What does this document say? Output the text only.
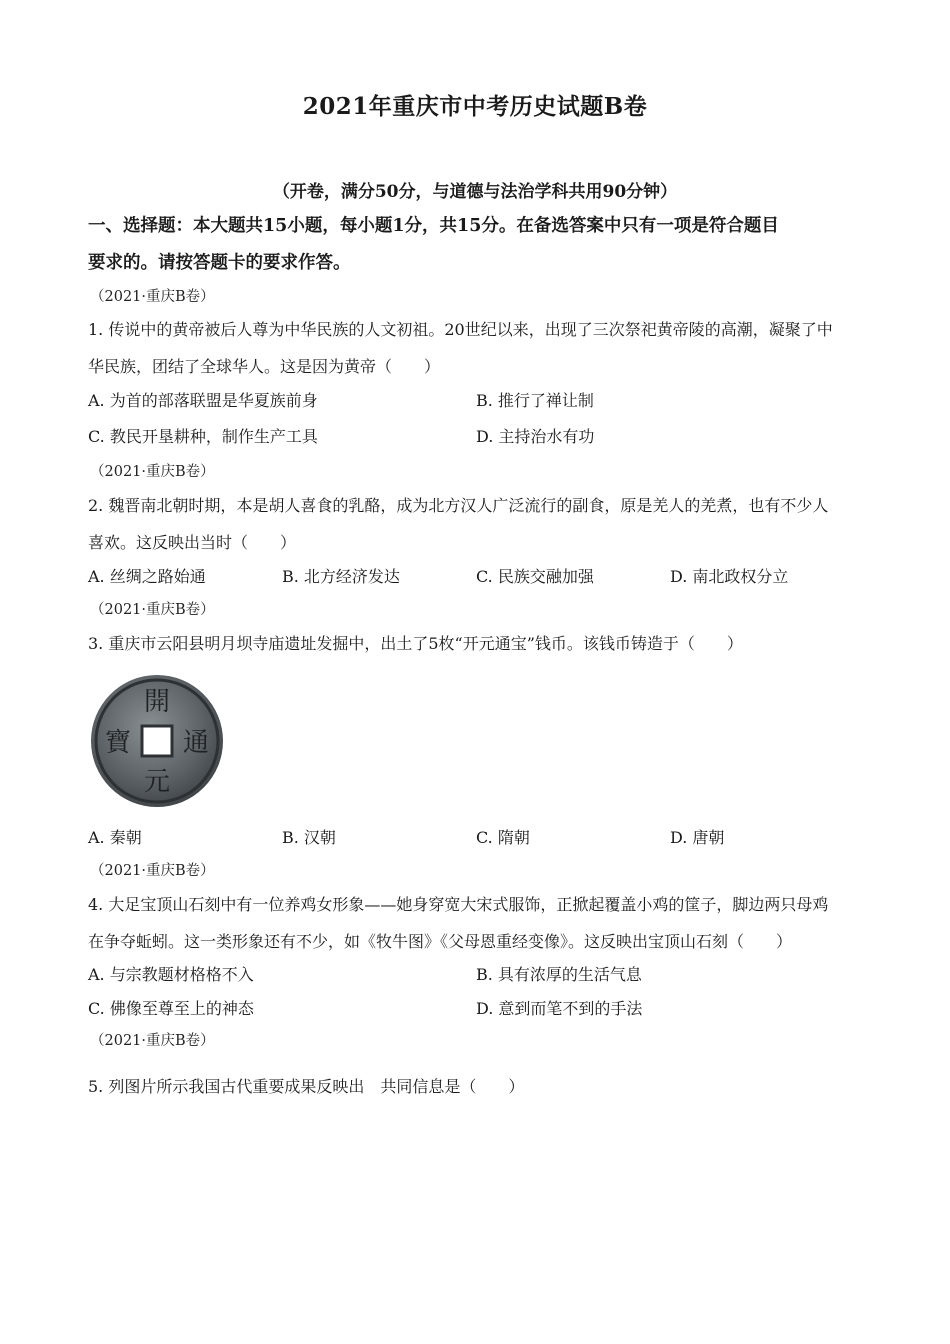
2021年重庆市中考历史试题B卷
（开卷，满分50分，与道德与法治学科共用90分钟）
一、选择题：本大题共15小题，每小题1分，共15分。在备选答案中只有一项是符合题目
要求的。请按答题卡的要求作答。
（2021·重庆B卷）
1. 传说中的黄帝被后人尊为中华民族的人文初祖。20世纪以来，出现了三次祭祀黄帝陵的高潮，凝聚了中
华民族，团结了全球华人。这是因为黄帝（　　）
A. 为首的部落联盟是华夏族前身	B. 推行了禅让制
C. 教民开垦耕种，制作生产工具	D. 主持治水有功
（2021·重庆B卷）
2. 魏晋南北朝时期，本是胡人喜食的乳酪，成为北方汉人广泛流行的副食，原是羌人的羌煮，也有不少人
喜欢。这反映出当时（　　）
A. 丝绸之路始通	B. 北方经济发达	C. 民族交融加强	D. 南北政权分立
（2021·重庆B卷）
3. 重庆市云阳县明月坝寺庙遗址发掘中，出土了5枚“开元通宝”钱币。该钱币铸造于（　　）
開
元
通
寶
A. 秦朝	B. 汉朝	C. 隋朝	D. 唐朝
（2021·重庆B卷）
4. 大足宝顶山石刻中有一位养鸡女形象——她身穿宽大宋式服饰，正掀起覆盖小鸡的筐子，脚边两只母鸡
在争夺蚯蚓。这一类形象还有不少，如《牧牛图》《父母恩重经变像》。这反映出宝顶山石刻（　　）
A. 与宗教题材格格不入	B. 具有浓厚的生活气息
C. 佛像至尊至上的神态	D. 意到而笔不到的手法
（2021·重庆B卷）
5. 列图片所示我国古代重要成果反映出　共同信息是（　　）
